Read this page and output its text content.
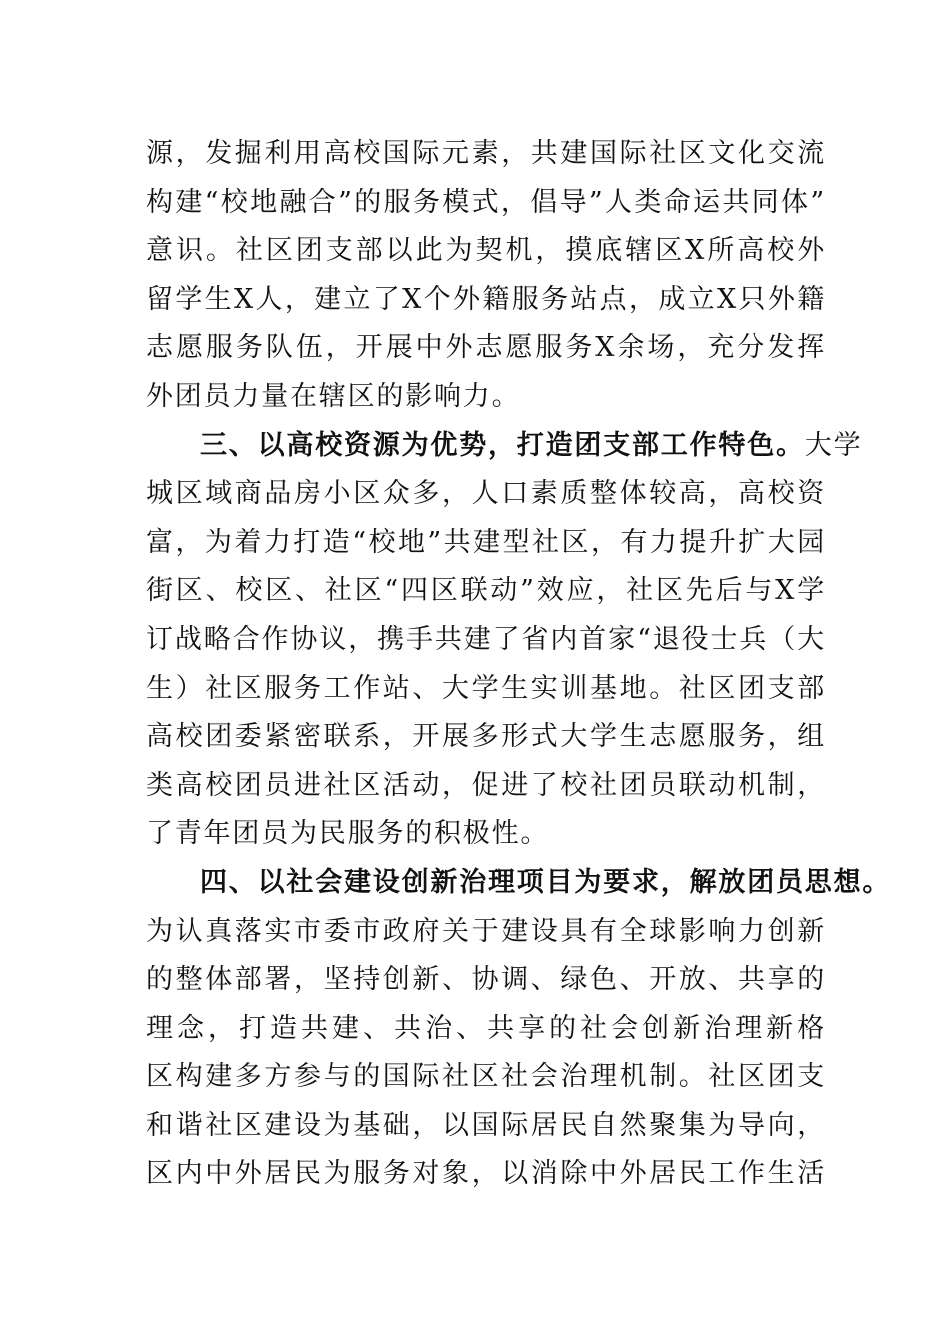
源，发掘利用高校国际元素，共建国际社区文化交流
构建“校地融合”的服务模式，倡导”人类命运共同体”
意识。社区团支部以此为契机，摸底辖区X所高校外
留学生X人，建立了X个外籍服务站点，成立X只外籍
志愿服务队伍，开展中外志愿服务X余场，充分发挥
外团员力量在辖区的影响力。
三、以高校资源为优势，打造团支部工作特色。大学
城区域商品房小区众多，人口素质整体较高，高校资
富，为着力打造“校地”共建型社区，有力提升扩大园
街区、校区、社区“四区联动”效应，社区先后与X学
订战略合作协议，携手共建了省内首家“退役士兵（大
生）社区服务工作站、大学生实训基地。社区团支部
高校团委紧密联系，开展多形式大学生志愿服务，组
类高校团员进社区活动，促进了校社团员联动机制，
了青年团员为民服务的积极性。
四、以社会建设创新治理项目为要求，解放团员思想。
为认真落实市委市政府关于建设具有全球影响力创新
的整体部署，坚持创新、协调、绿色、开放、共享的
理念，打造共建、共治、共享的社会创新治理新格
区构建多方参与的国际社区社会治理机制。社区团支
和谐社区建设为基础，以国际居民自然聚集为导向，
区内中外居民为服务对象，以消除中外居民工作生活
